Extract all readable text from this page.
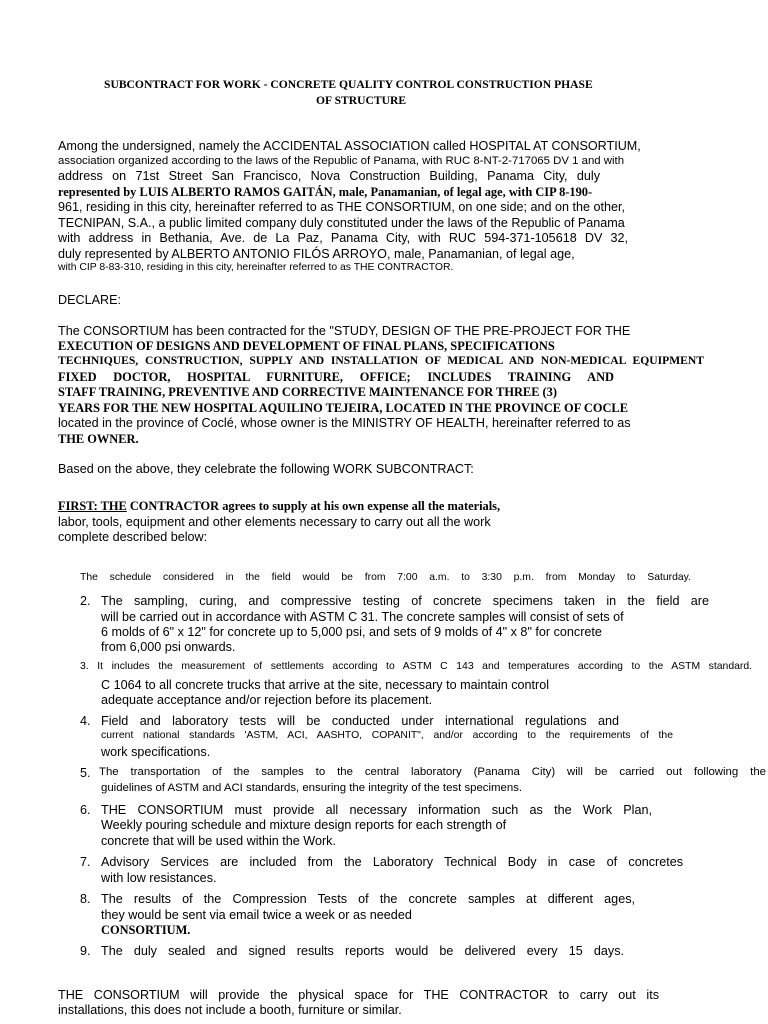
SUBCONTRACT FOR WORK - CONCRETE QUALITY CONTROL CONSTRUCTION PHASE
OF STRUCTURE
Among the undersigned, namely the ACCIDENTAL ASSOCIATION called HOSPITAL AT CONSORTIUM,
association organized according to the laws of the Republic of Panama, with RUC 8-NT-2-717065 DV 1 and with
address on 71st Street San Francisco, Nova Construction Building, Panama City, duly
represented by LUIS ALBERTO RAMOS GAITÁN, male, Panamanian, of legal age, with CIP 8-190-
961, residing in this city, hereinafter referred to as THE CONSORTIUM, on one side; and on the other,
TECNIPAN, S.A., a public limited company duly constituted under the laws of the Republic of Panama
with address in Bethania, Ave. de La Paz, Panama City, with RUC 594-371-105618 DV 32,
duly represented by ALBERTO ANTONIO FILÓS ARROYO, male, Panamanian, of legal age,
with CIP 8-83-310, residing in this city, hereinafter referred to as THE CONTRACTOR.
DECLARE:
The CONSORTIUM has been contracted for the "STUDY, DESIGN OF THE PRE-PROJECT FOR THE
EXECUTION OF DESIGNS AND DEVELOPMENT OF FINAL PLANS, SPECIFICATIONS
TECHNIQUES, CONSTRUCTION, SUPPLY AND INSTALLATION OF MEDICAL AND NON-MEDICAL EQUIPMENT
FIXED DOCTOR, HOSPITAL FURNITURE, OFFICE; INCLUDES TRAINING AND
STAFF TRAINING, PREVENTIVE AND CORRECTIVE MAINTENANCE FOR THREE (3)
YEARS FOR THE NEW HOSPITAL AQUILINO TEJEIRA, LOCATED IN THE PROVINCE OF COCLE
located in the province of Coclé, whose owner is the MINISTRY OF HEALTH, hereinafter referred to as
THE OWNER.
Based on the above, they celebrate the following WORK SUBCONTRACT:
FIRST: THE CONTRACTOR agrees to supply at his own expense all the materials,
labor, tools, equipment and other elements necessary to carry out all the work
complete described below:
The schedule considered in the field would be from 7:00 a.m. to 3:30 p.m. from Monday to Saturday.
2. The sampling, curing, and compressive testing of concrete specimens taken in the field are
will be carried out in accordance with ASTM C 31. The concrete samples will consist of sets of
6 molds of 6" x 12" for concrete up to 5,000 psi, and sets of 9 molds of 4" x 8" for concrete
from 6,000 psi onwards.
3. It includes the measurement of settlements according to ASTM C 143 and temperatures according to the ASTM standard.
C 1064 to all concrete trucks that arrive at the site, necessary to maintain control
adequate acceptance and/or rejection before its placement.
4. Field and laboratory tests will be conducted under international regulations and
current national standards 'ASTM, ACI, AASHTO, COPANIT", and/or according to the requirements of the
work specifications.
5. The transportation of the samples to the central laboratory (Panama City) will be carried out following the
guidelines of ASTM and ACI standards, ensuring the integrity of the test specimens.
6. THE CONSORTIUM must provide all necessary information such as the Work Plan,
Weekly pouring schedule and mixture design reports for each strength of
concrete that will be used within the Work.
7. Advisory Services are included from the Laboratory Technical Body in case of concretes
with low resistances.
8. The results of the Compression Tests of the concrete samples at different ages,
they would be sent via email twice a week or as needed
CONSORTIUM.
9. The duly sealed and signed results reports would be delivered every 15 days.
THE CONSORTIUM will provide the physical space for THE CONTRACTOR to carry out its
installations, this does not include a booth, furniture or similar.
